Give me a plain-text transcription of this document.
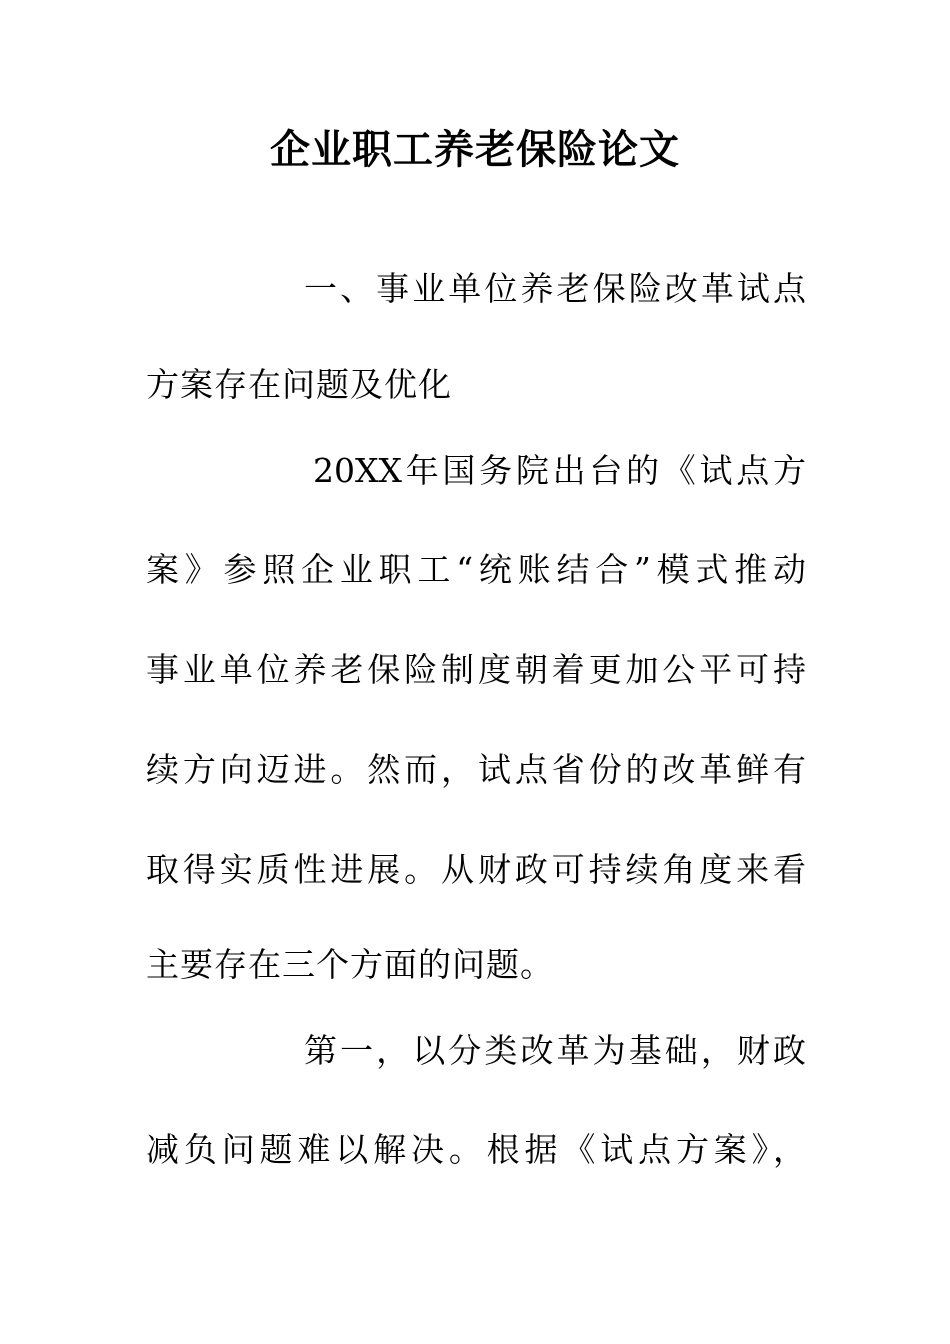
企业职工养老保险论文
一、事业单位养老保险改革试点
方案存在问题及优化
20XX年国务院出台的《试点方
案》参照企业职工“统账结合”模式推动
事业单位养老保险制度朝着更加公平可持
续方向迈进。然而，试点省份的改革鲜有
取得实质性进展。从财政可持续角度来看
主要存在三个方面的问题。
第一，以分类改革为基础，财政
减负问题难以解决。根据《试点方案》，
